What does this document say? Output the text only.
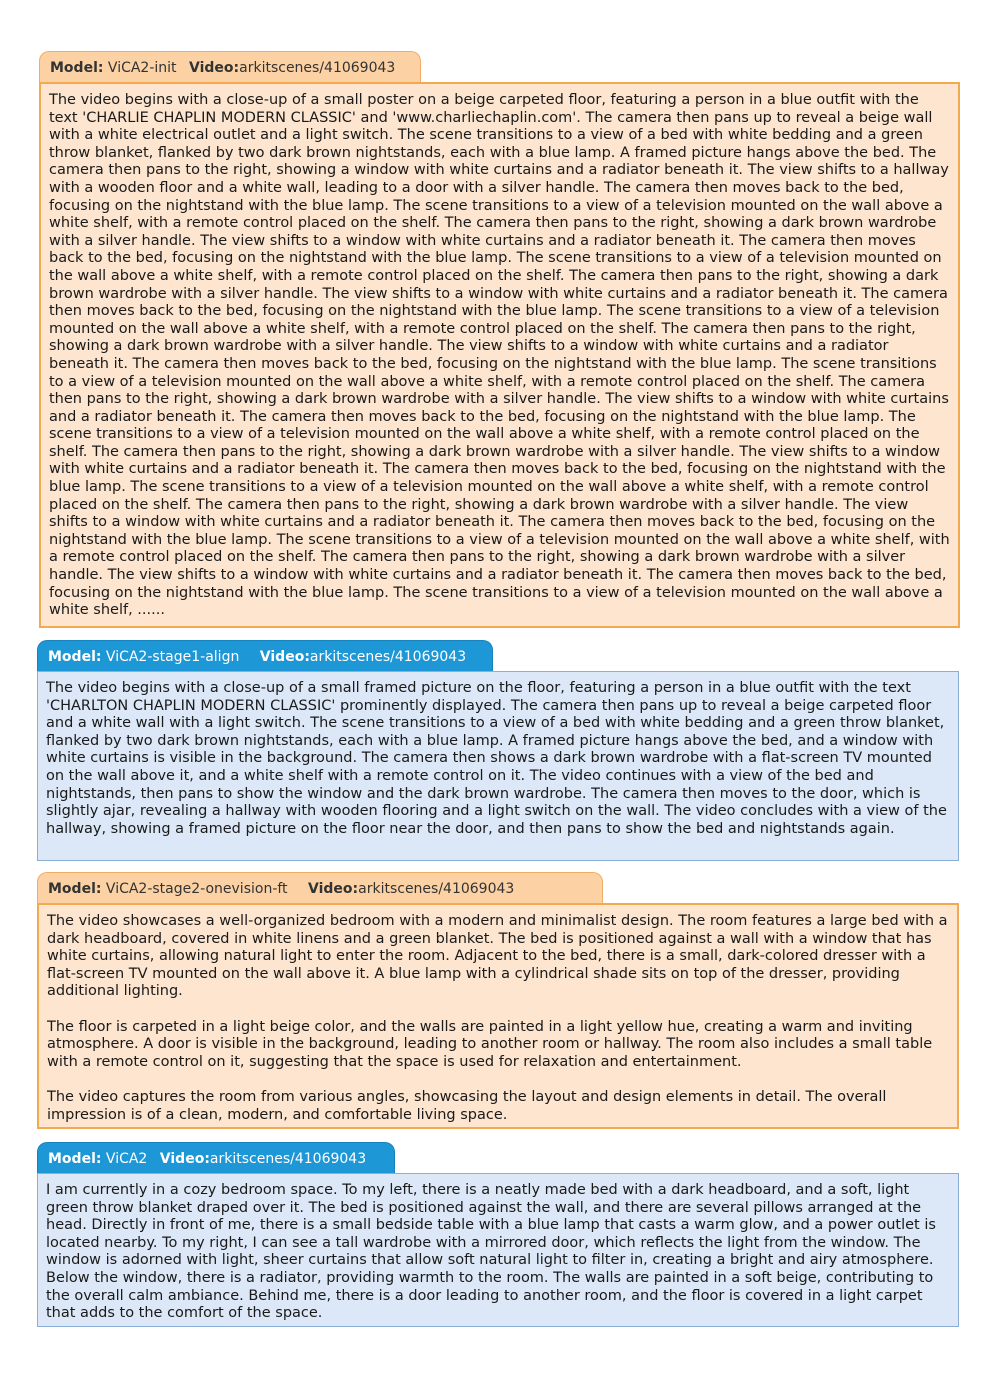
Model: ViCA2-init Video:arkitscenes/41069043

The video begins with a close-up of a small poster on a beige carpeted floor, featuring a person in a blue outfit with the text 'CHARLIE CHAPLIN MODERN CLASSIC' and 'www.charliechaplin.com'. The camera then pans up to reveal a beige wall with a white electrical outlet and a light switch. The scene transitions to a view of a bed with white bedding and a green throw blanket, flanked by two dark brown nightstands, each with a blue lamp. A framed picture hangs above the bed. The camera then pans to the right, showing a window with white curtains and a radiator beneath it. The view shifts to a hallway with a wooden floor and a white wall, leading to a door with a silver handle. The camera then moves back to the bed, focusing on the nightstand with the blue lamp. The scene transitions to a view of a television mounted on the wall above a white shelf, with a remote control placed on the shelf. The camera then pans to the right, showing a dark brown wardrobe with a silver handle. The view shifts to a window with white curtains and a radiator beneath it. The camera then moves back to the bed, focusing on the nightstand with the blue lamp. The scene transitions to a view of a television mounted on the wall above a white shelf, with a remote control placed on the shelf. The camera then pans to the right, showing a dark brown wardrobe with a silver handle. The view shifts to a window with white curtains and a radiator beneath it. The camera then moves back to the bed, focusing on the nightstand with the blue lamp. The scene transitions to a view of a television mounted on the wall above a white shelf, with a remote control placed on the shelf. The camera then pans to the right, showing a dark brown wardrobe with a silver handle. The view shifts to a window with white curtains and a radiator beneath it. The camera then moves back to the bed, focusing on the nightstand with the blue lamp. The scene transitions to a view of a television mounted on the wall above a white shelf, with a remote control placed on the shelf. The camera then pans to the right, showing a dark brown wardrobe with a silver handle. The view shifts to a window with white curtains and a radiator beneath it. The camera then moves back to the bed, focusing on the nightstand with the blue lamp. The scene transitions to a view of a television mounted on the wall above a white shelf, with a remote control placed on the shelf. The camera then pans to the right, showing a dark brown wardrobe with a silver handle. The view shifts to a window with white curtains and a radiator beneath it. The camera then moves back to the bed, focusing on the nightstand with the blue lamp. The scene transitions to a view of a television mounted on the wall above a white shelf, with a remote control placed on the shelf. The camera then pans to the right, showing a dark brown wardrobe with a silver handle. The view shifts to a window with white curtains and a radiator beneath it. The camera then moves back to the bed, focusing on the nightstand with the blue lamp. The scene transitions to a view of a television mounted on the wall above a white shelf, with a remote control placed on the shelf. The camera then pans to the right, showing a dark brown wardrobe with a silver handle. The view shifts to a window with white curtains and a radiator beneath it. The camera then moves back to the bed, focusing on the nightstand with the blue lamp. The scene transitions to a view of a television mounted on the wall above a white shelf, ......

Model: ViCA2-stage1-align Video:arkitscenes/41069043

The video begins with a close-up of a small framed picture on the floor, featuring a person in a blue outfit with the text 'CHARLTON CHAPLIN MODERN CLASSIC' prominently displayed. The camera then pans up to reveal a beige carpeted floor and a white wall with a light switch. The scene transitions to a view of a bed with white bedding and a green throw blanket, flanked by two dark brown nightstands, each with a blue lamp. A framed picture hangs above the bed, and a window with white curtains is visible in the background. The camera then shows a dark brown wardrobe with a flat-screen TV mounted on the wall above it, and a white shelf with a remote control on it. The video continues with a view of the bed and nightstands, then pans to show the window and the dark brown wardrobe. The camera then moves to the door, which is slightly ajar, revealing a hallway with wooden flooring and a light switch on the wall. The video concludes with a view of the hallway, showing a framed picture on the floor near the door, and then pans to show the bed and nightstands again.

Model: ViCA2-stage2-onevision-ft Video:arkitscenes/41069043

The video showcases a well-organized bedroom with a modern and minimalist design. The room features a large bed with a dark headboard, covered in white linens and a green blanket. The bed is positioned against a wall with a window that has white curtains, allowing natural light to enter the room. Adjacent to the bed, there is a small, dark-colored dresser with a flat-screen TV mounted on the wall above it. A blue lamp with a cylindrical shade sits on top of the dresser, providing additional lighting.

The floor is carpeted in a light beige color, and the walls are painted in a light yellow hue, creating a warm and inviting atmosphere. A door is visible in the background, leading to another room or hallway. The room also includes a small table with a remote control on it, suggesting that the space is used for relaxation and entertainment.

The video captures the room from various angles, showcasing the layout and design elements in detail. The overall impression is of a clean, modern, and comfortable living space.

Model: ViCA2 Video:arkitscenes/41069043

I am currently in a cozy bedroom space. To my left, there is a neatly made bed with a dark headboard, and a soft, light green throw blanket draped over it. The bed is positioned against the wall, and there are several pillows arranged at the head. Directly in front of me, there is a small bedside table with a blue lamp that casts a warm glow, and a power outlet is located nearby. To my right, I can see a tall wardrobe with a mirrored door, which reflects the light from the window. The window is adorned with light, sheer curtains that allow soft natural light to filter in, creating a bright and airy atmosphere. Below the window, there is a radiator, providing warmth to the room. The walls are painted in a soft beige, contributing to the overall calm ambiance. Behind me, there is a door leading to another room, and the floor is covered in a light carpet that adds to the comfort of the space.
